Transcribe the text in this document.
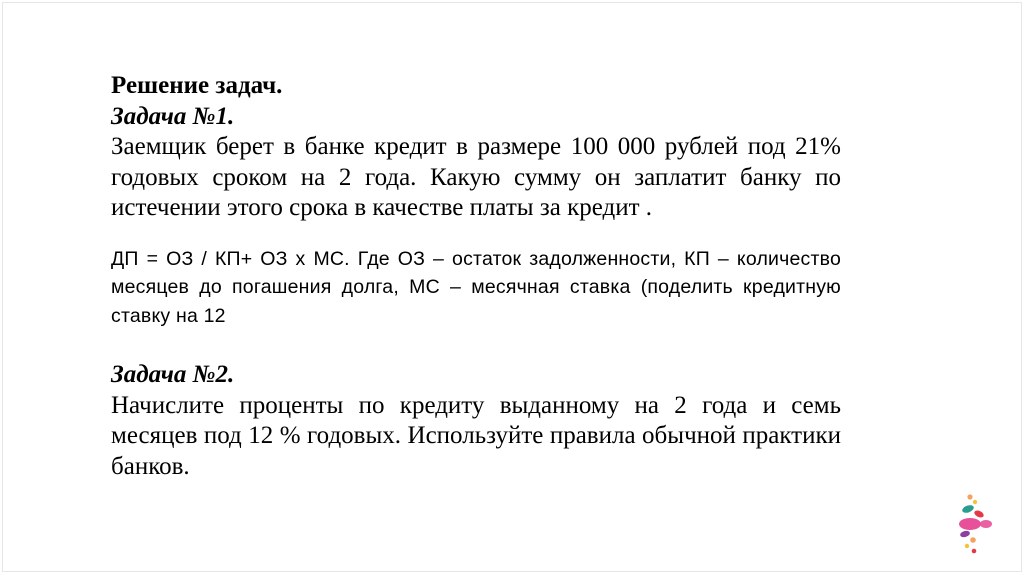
Решение задач.
Задача №1.
Заемщик берет в банке кредит в размере 100 000 рублей под 21% годовых сроком на 2 года. Какую сумму он заплатит банку по истечении этого срока в качестве платы за кредит .
ДП = ОЗ / КП+ ОЗ х МС. Где ОЗ – остаток задолженности, КП – количество месяцев до погашения долга, МС – месячная ставка (поделить кредитную ставку на 12
Задача №2.
Начислите проценты по кредиту выданному на 2 года и семь месяцев под 12 % годовых. Используйте правила обычной практики банков.
